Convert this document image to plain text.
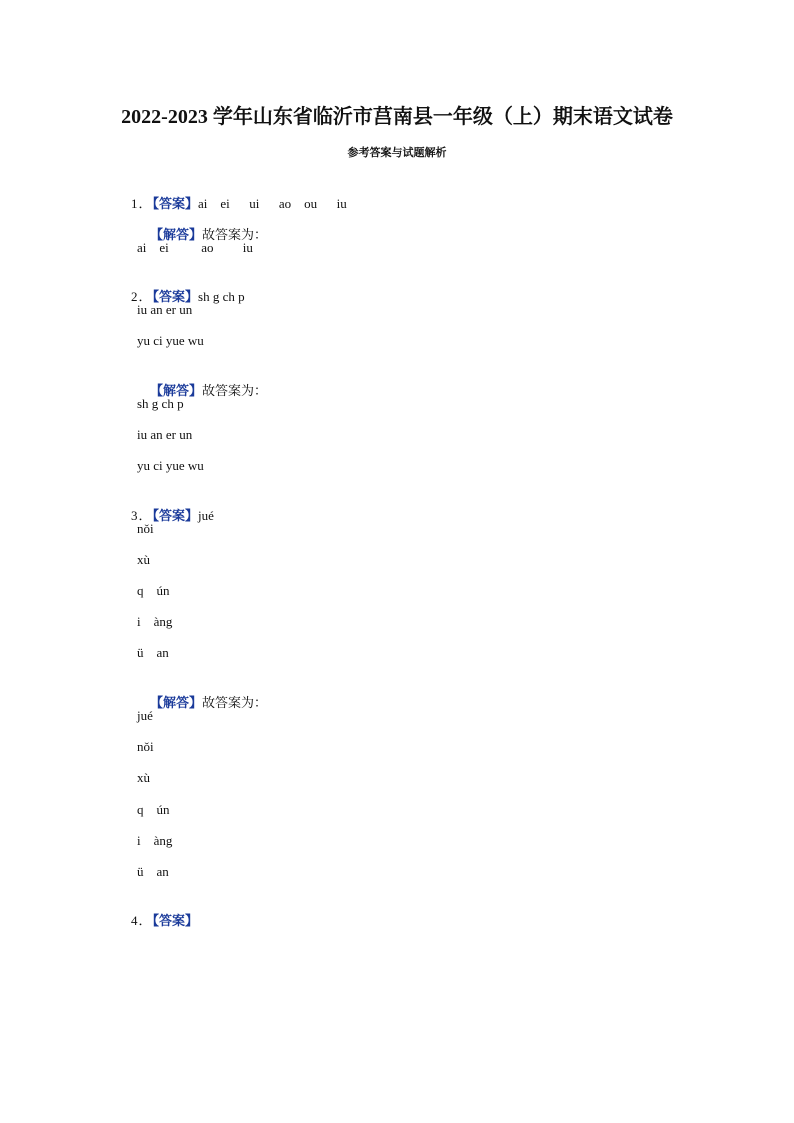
2022-2023 学年山东省临沂市莒南县一年级（上）期末语文试卷
参考答案与试题解析

1．【答案】ai    ei      ui      ao    ou      iu

【解答】故答案为：

ai    ei          ao         iu

2．【答案】sh g ch p

iu an er un
yu ci yue wu

【解答】故答案为：

sh g ch p
iu an er un
yu ci yue wu

3．【答案】jué

nǒi
xù
q    ún
i    àng
ü    an

【解答】故答案为：

jué
nǒi
xù
q    ún
i    àng
ü    an

4．【答案】
